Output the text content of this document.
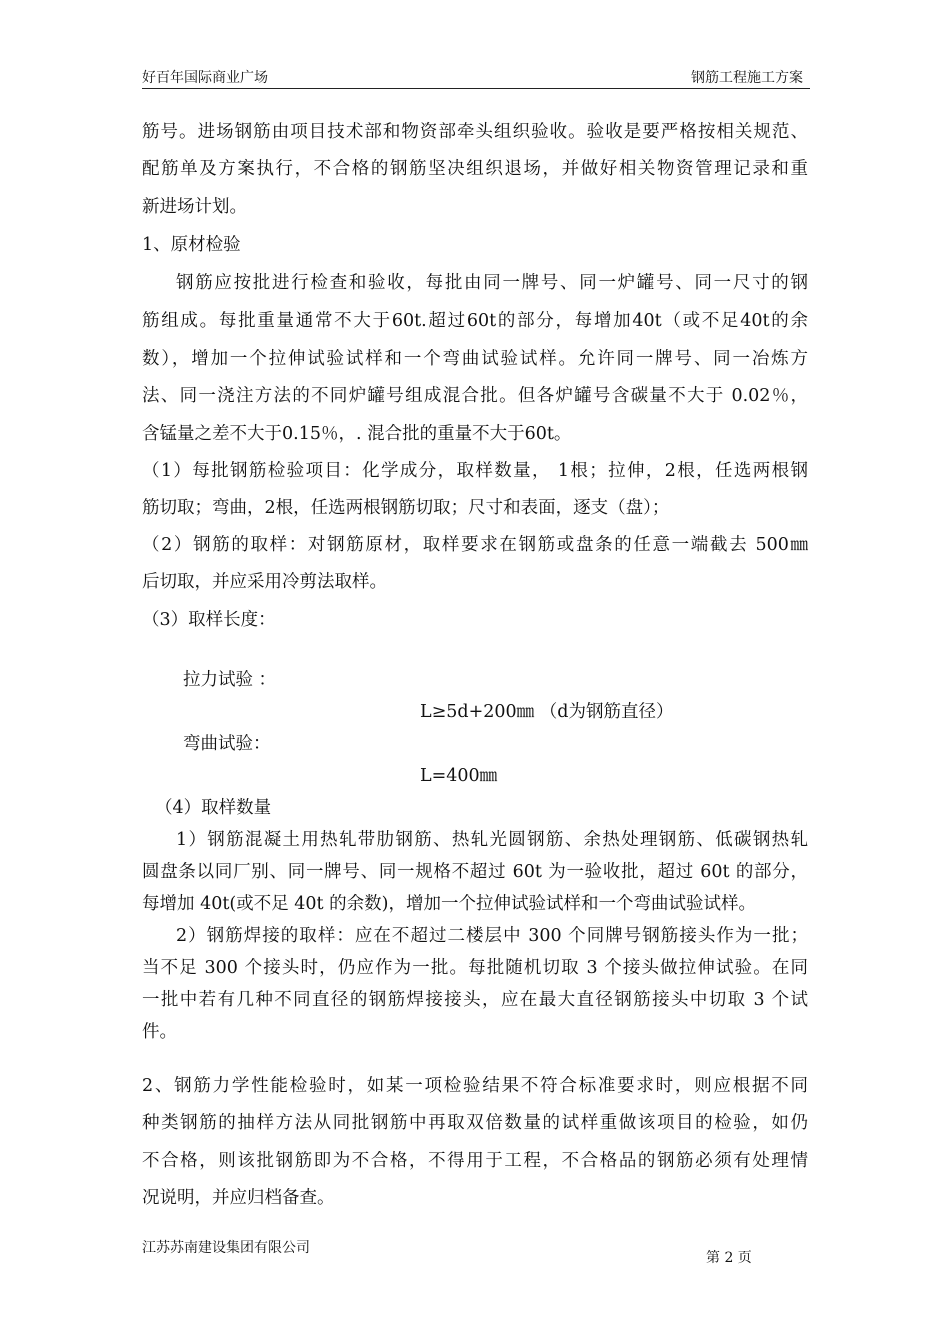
好百年国际商业广场	钢筋工程施工方案
筋号。进场钢筋由项目技术部和物资部牵头组织验收。验收是要严格按相关规范、
配筋单及方案执行，不合格的钢筋坚决组织退场，并做好相关物资管理记录和重
新进场计划。
1、原材检验
钢筋应按批进行检查和验收，每批由同一牌号、同一炉罐号、同一尺寸的钢
筋组成。每批重量通常不大于60t.超过60t的部分，每增加40t（或不足40t的余
数），增加一个拉伸试验试样和一个弯曲试验试样。允许同一牌号、同一冶炼方
法、同一浇注方法的不同炉罐号组成混合批。但各炉罐号含碳量不大于 0.02％，
含锰量之差不大于0.15％，. 混合批的重量不大于60t。
（1）每批钢筋检验项目：化学成分，取样数量， 1根；拉伸，2根，任选两根钢
筋切取；弯曲，2根，任选两根钢筋切取；尺寸和表面，逐支（盘）；
（2）钢筋的取样：对钢筋原材，取样要求在钢筋或盘条的任意一端截去 500㎜
后切取，并应采用冷剪法取样。
（3）取样长度：
拉力试验 ：
L≥5d+200㎜ （d为钢筋直径）
弯曲试验：
L=400㎜
（4）取样数量
1）钢筋混凝土用热轧带肋钢筋、热轧光圆钢筋、余热处理钢筋、低碳钢热轧
圆盘条以同厂别、同一牌号、同一规格不超过 60t 为一验收批，超过 60t 的部分，
每增加 40t(或不足 40t 的余数)，增加一个拉伸试验试样和一个弯曲试验试样。
2）钢筋焊接的取样：应在不超过二楼层中 300 个同牌号钢筋接头作为一批；
当不足 300 个接头时，仍应作为一批。每批随机切取 3 个接头做拉伸试验。在同
一批中若有几种不同直径的钢筋焊接接头，应在最大直径钢筋接头中切取 3 个试
件。
2、钢筋力学性能检验时，如某一项检验结果不符合标准要求时，则应根据不同
种类钢筋的抽样方法从同批钢筋中再取双倍数量的试样重做该项目的检验，如仍
不合格，则该批钢筋即为不合格，不得用于工程，不合格品的钢筋必须有处理情
况说明，并应归档备查。
江苏苏南建设集团有限公司
第 2 页
